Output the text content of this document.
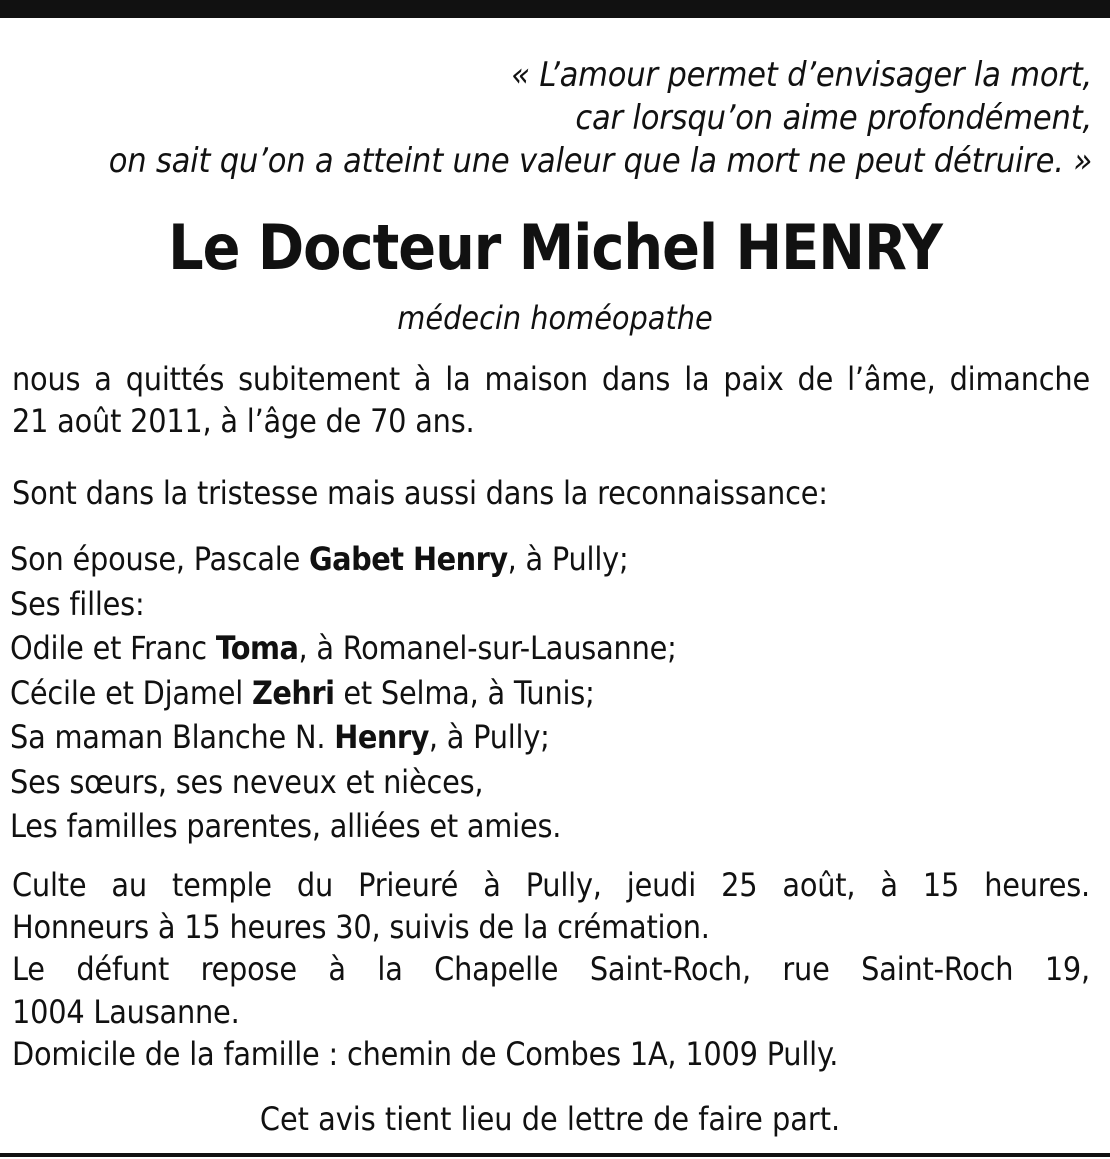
« L’amour permet d’envisager la mort,
car lorsqu’on aime profondément,
on sait qu’on a atteint une valeur que la mort ne peut détruire. »
Le Docteur Michel HENRY
médecin homéopathe
nous a quittés subitement à la maison dans la paix de l’âme, dimanche
21 août 2011, à l’âge de 70 ans.
Sont dans la tristesse mais aussi dans la reconnaissance:
Son épouse, Pascale Gabet Henry, à Pully;
Ses filles:
Odile et Franc Toma, à Romanel-sur-Lausanne;
Cécile et Djamel Zehri et Selma, à Tunis;
Sa maman Blanche N. Henry, à Pully;
Ses sœurs, ses neveux et nièces,
Les familles parentes, alliées et amies.
Culte au temple du Prieuré à Pully, jeudi 25 août, à 15 heures.
Honneurs à 15 heures 30, suivis de la crémation.
Le défunt repose à la Chapelle Saint-Roch, rue Saint-Roch 19,
1004 Lausanne.
Domicile de la famille : chemin de Combes 1A, 1009 Pully.
Cet avis tient lieu de lettre de faire part.
